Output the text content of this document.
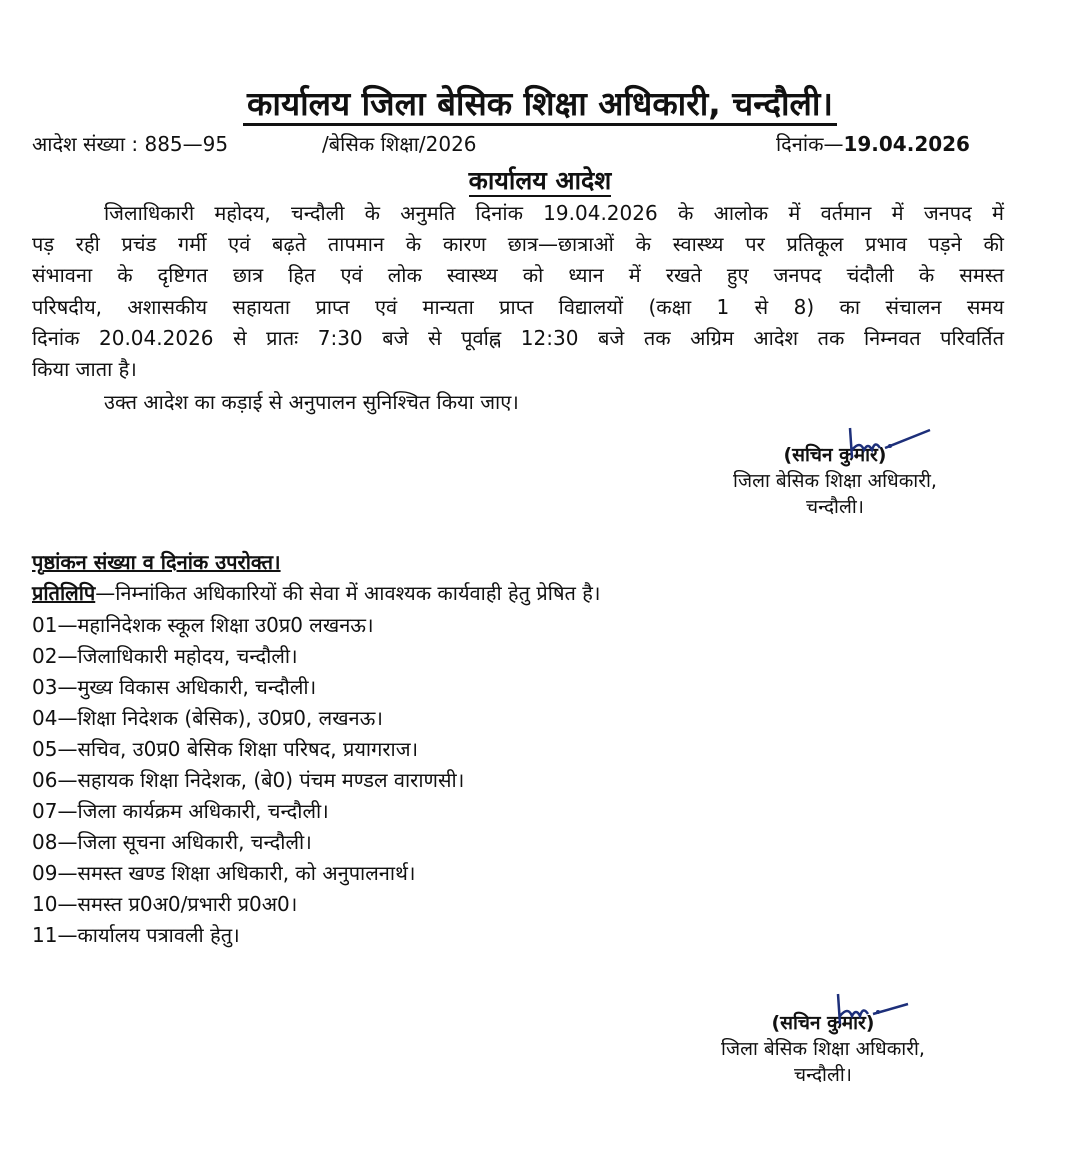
कार्यालय जिला बेसिक शिक्षा अधिकारी, चन्दौली।
आदेश संख्या : 885—95	/बेसिक शिक्षा/2026	दिनांक—19.04.2026
कार्यालय आदेश
जिलाधिकारी महोदय, चन्दौली के अनुमति दिनांक 19.04.2026 के आलोक में वर्तमान में जनपद में
पड़ रही प्रचंड गर्मी एवं बढ़ते तापमान के कारण छात्र—छात्राओं के स्वास्थ्य पर प्रतिकूल प्रभाव पड़ने की
संभावना के दृष्टिगत छात्र हित एवं लोक स्वास्थ्य को ध्यान में रखते हुए जनपद चंदौली के समस्त
परिषदीय, अशासकीय सहायता प्राप्त एवं मान्यता प्राप्त विद्यालयों (कक्षा 1 से 8) का संचालन समय
दिनांक 20.04.2026 से प्रातः 7:30 बजे से पूर्वाह्न 12:30 बजे तक अग्रिम आदेश तक निम्नवत परिवर्तित
किया जाता है।
उक्त आदेश का कड़ाई से अनुपालन सुनिश्चित किया जाए।
(सचिन कुमार)
जिला बेसिक शिक्षा अधिकारी,
चन्दौली।
पृष्ठांकन संख्या व दिनांक उपरोक्त।
प्रतिलिपि—निम्नांकित अधिकारियों की सेवा में आवश्यक कार्यवाही हेतु प्रेषित है।
01—महानिदेशक स्कूल शिक्षा उ0प्र0 लखनऊ।
02—जिलाधिकारी महोदय, चन्दौली।
03—मुख्य विकास अधिकारी, चन्दौली।
04—शिक्षा निदेशक (बेसिक), उ0प्र0, लखनऊ।
05—सचिव, उ0प्र0 बेसिक शिक्षा परिषद, प्रयागराज।
06—सहायक शिक्षा निदेशक, (बे0) पंचम मण्डल वाराणसी।
07—जिला कार्यक्रम अधिकारी, चन्दौली।
08—जिला सूचना अधिकारी, चन्दौली।
09—समस्त खण्ड शिक्षा अधिकारी, को अनुपालनार्थ।
10—समस्त प्र0अ0/प्रभारी प्र0अ0।
11—कार्यालय पत्रावली हेतु।
(सचिन कुमार)
जिला बेसिक शिक्षा अधिकारी,
चन्दौली।
